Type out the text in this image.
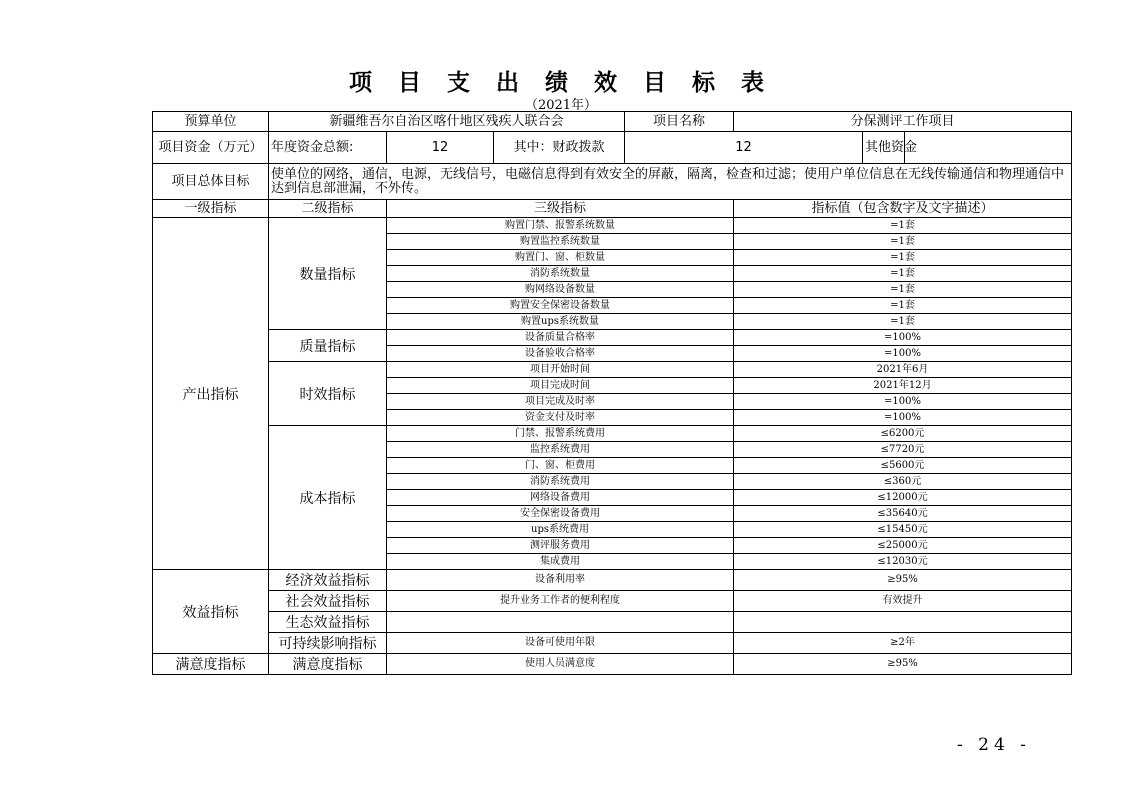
项 目 支 出 绩 效 目 标 表
（2021年）
预算单位	新疆维吾尔自治区喀什地区残疾人联合会			项目名称	分保测评工作项目		
项目资金（万元）	年度资金总额:	12	其中：财政拨款	12		其他资金	
项目总体目标	使单位的网络，通信，电源，无线信号，电磁信息得到有效安全的屏蔽，隔离，检查和过滤；使用户单位信息在无线传输通信和物理通信中达到信息部泄漏，不外传。						
一级指标	二级指标	三级指标			指标值（包含数字及文字描述）		
产出指标	数量指标	购置门禁、报警系统数量			=1套		
		购置监控系统数量			=1套		
		购置门、窗、柜数量			=1套		
		消防系统数量			=1套		
		购网络设备数量			=1套		
		购置安全保密设备数量			=1套		
		购置ups系统数量			=1套		
	质量指标	设备质量合格率			=100%		
		设备验收合格率			=100%		
	时效指标	项目开始时间			2021年6月		
		项目完成时间			2021年12月		
		项目完成及时率			=100%		
		资金支付及时率			=100%		
	成本指标	门禁、报警系统费用			≤6200元		
		监控系统费用			≤7720元		
		门、窗、柜费用			≤5600元		
		消防系统费用			≤360元		
		网络设备费用			≤12000元		
		安全保密设备费用			≤35640元		
		ups系统费用			≤15450元		
		测评服务费用			≤25000元		
		集成费用			≤12030元		
效益指标	经济效益指标	设备利用率			≥95%		
	社会效益指标	提升业务工作者的便利程度			有效提升		
	生态效益指标						
	可持续影响指标	设备可使用年限			≥2年		
满意度指标	满意度指标	使用人员满意度			≥95%		
- 24 -
